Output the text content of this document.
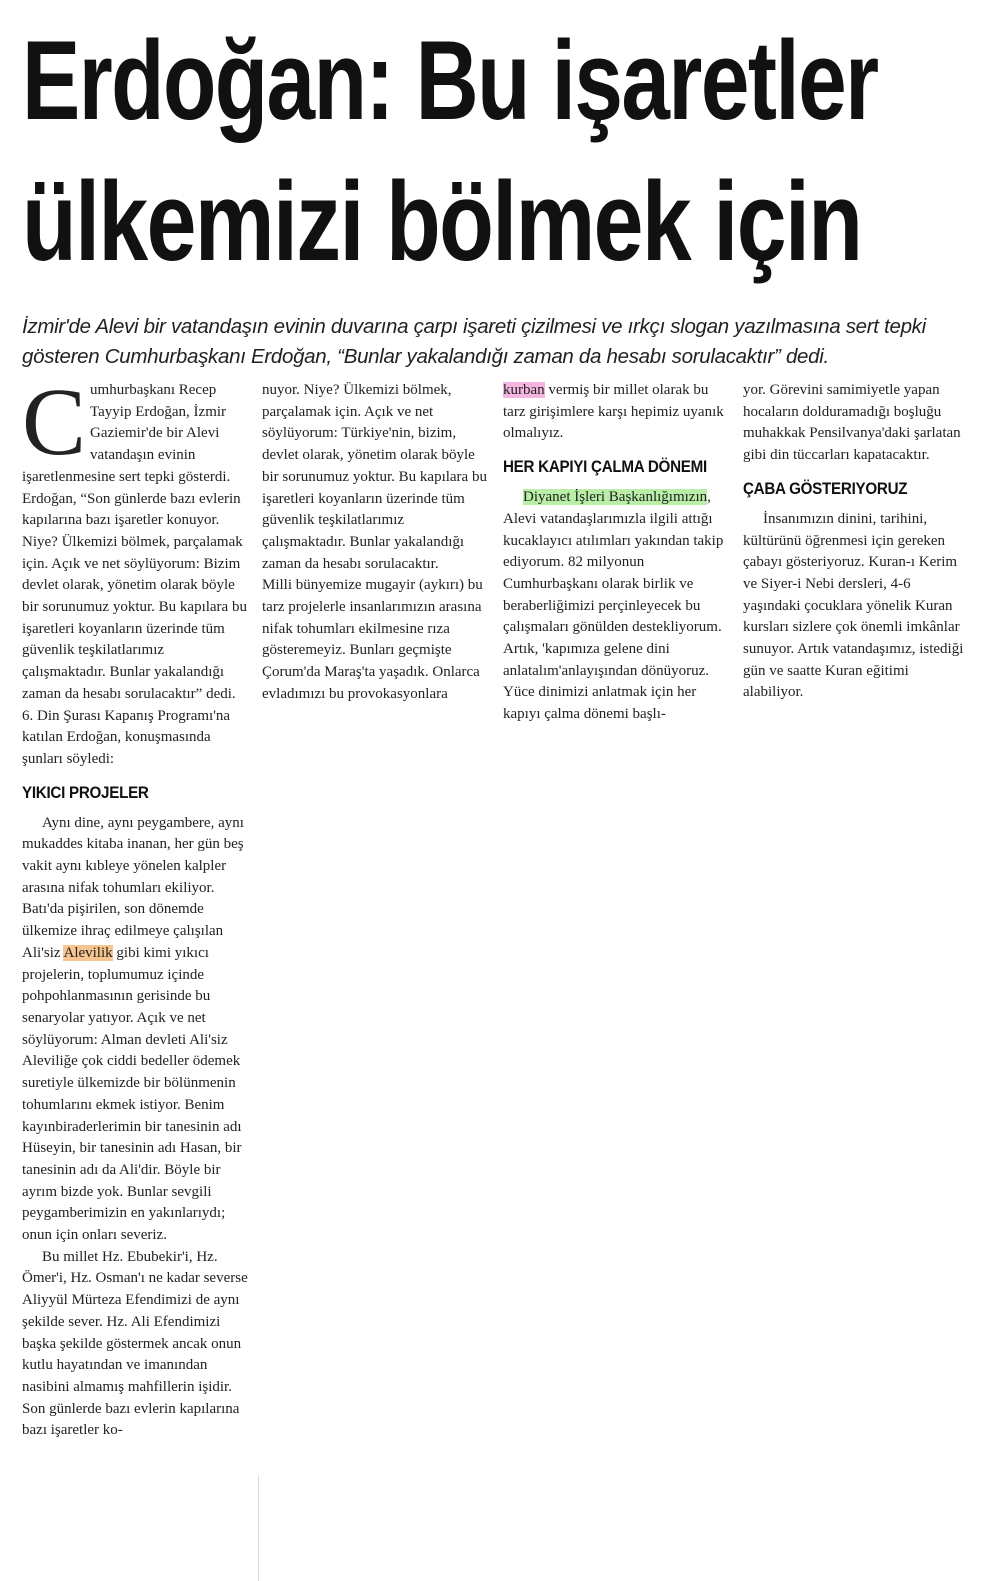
Erdoğan: Bu işaretler
ülkemizi bölmek için

İzmir'de Alevi bir vatandaşın evinin duvarına çarpı işareti çizilmesi ve ırkçı slogan yazılmasına sert tepki gösteren Cumhurbaşkanı Erdoğan, “Bunlar yakalandığı zaman da hesabı sorulacaktır” dedi.

Cumhurbaşkanı Recep Tayyip Erdoğan, İzmir Gaziemir'de bir Alevi vatandaşın evinin işaretlenmesine sert tepki gösterdi. Erdoğan, “Son günlerde bazı evlerin kapılarına bazı işaretler konuyor. Niye? Ülkemizi bölmek, parçalamak için. Açık ve net söylüyorum: Bizim devlet olarak, yönetim olarak böyle bir sorunumuz yoktur. Bu kapılara bu işaretleri koyanların üzerinde tüm güvenlik teşkilatlarımız çalışmaktadır. Bunlar yakalandığı zaman da hesabı sorulacaktır” dedi. 6. Din Şurası Kapanış Programı'na katılan Erdoğan, konuşmasında şunları söyledi:

YIKICI PROJELER

Aynı dine, aynı peygambere, aynı mukaddes kitaba inanan, her gün beş vakit aynı kıbleye yönelen kalpler arasına nifak tohumları ekiliyor. Batı'da pişirilen, son dönemde ülkemize ihraç edilmeye çalışılan Ali'siz Alevilik gibi kimi yıkıcı projelerin, toplumumuz içinde pohpohlanmasının gerisinde bu senaryolar yatıyor. Açık ve net söylüyorum: Alman devleti Ali'siz Aleviliğe çok ciddi bedeller ödemek suretiyle ülkemizde bir bölünmenin tohumlarını ekmek istiyor. Benim kayınbiraderlerimin bir tanesinin adı Hüseyin, bir tanesinin adı Hasan, bir tanesinin adı da Ali'dir. Böyle bir ayrım bizde yok. Bunlar sevgili peygamberimizin en yakınlarıydı; onun için onları severiz.

Bu millet Hz. Ebubekir'i, Hz. Ömer'i, Hz. Osman'ı ne kadar severse Aliyyül Mürteza Efendimizi de aynı şekilde sever. Hz. Ali Efendimizi başka şekilde göstermek ancak onun kutlu hayatından ve imanından nasibini almamış mahfillerin işidir. Son günlerde bazı evlerin kapılarına bazı işaretler ko-

nuyor. Niye? Ülkemizi bölmek, parçalamak için. Açık ve net söylüyorum: Türkiye'nin, bizim, devlet olarak, yönetim olarak böyle bir sorunumuz yoktur. Bu kapılara bu işaretleri koyanların üzerinde tüm güvenlik teşkilatlarımız çalışmaktadır. Bunlar yakalandığı zaman da hesabı sorulacaktır.

Milli bünyemize mugayir (aykırı) bu tarz projelerle insanlarımızın arasına nifak tohumları ekilmesine rıza gösteremeyiz. Bunları geçmişte Çorum'da Maraş'ta yaşadık. Onlarca evladımızı bu provokasyonlara

kurban vermiş bir millet olarak bu tarz girişimlere karşı hepimiz uyanık olmalıyız.

HER KAPIYI ÇALMA DÖNEMI

Diyanet İşleri Başkanlığımızın, Alevi vatandaşlarımızla ilgili attığı kucaklayıcı atılımları yakından takip ediyorum. 82 milyonun Cumhurbaşkanı olarak birlik ve beraberliğimizi perçinleyecek bu çalışmaları gönülden destekliyorum. Artık, 'kapımıza gelene dini anlatalım'anlayışından dönüyoruz. Yüce dinimizi anlatmak için her kapıyı çalma dönemi başlı-

yor. Görevini samimiyetle yapan hocaların dolduramadığı boşluğu muhakkak Pensilvanya'daki şarlatan gibi din tüccarları kapatacaktır.

ÇABA GÖSTERIYORUZ

İnsanımızın dinini, tarihini, kültürünü öğrenmesi için gereken çabayı gösteriyoruz. Kuran-ı Kerim ve Siyer-i Nebi dersleri, 4-6 yaşındaki çocuklara yönelik Kuran kursları sizlere çok önemli imkânlar sunuyor. Artık vatandaşımız, istediği gün ve saatte Kuran eğitimi alabiliyor.
